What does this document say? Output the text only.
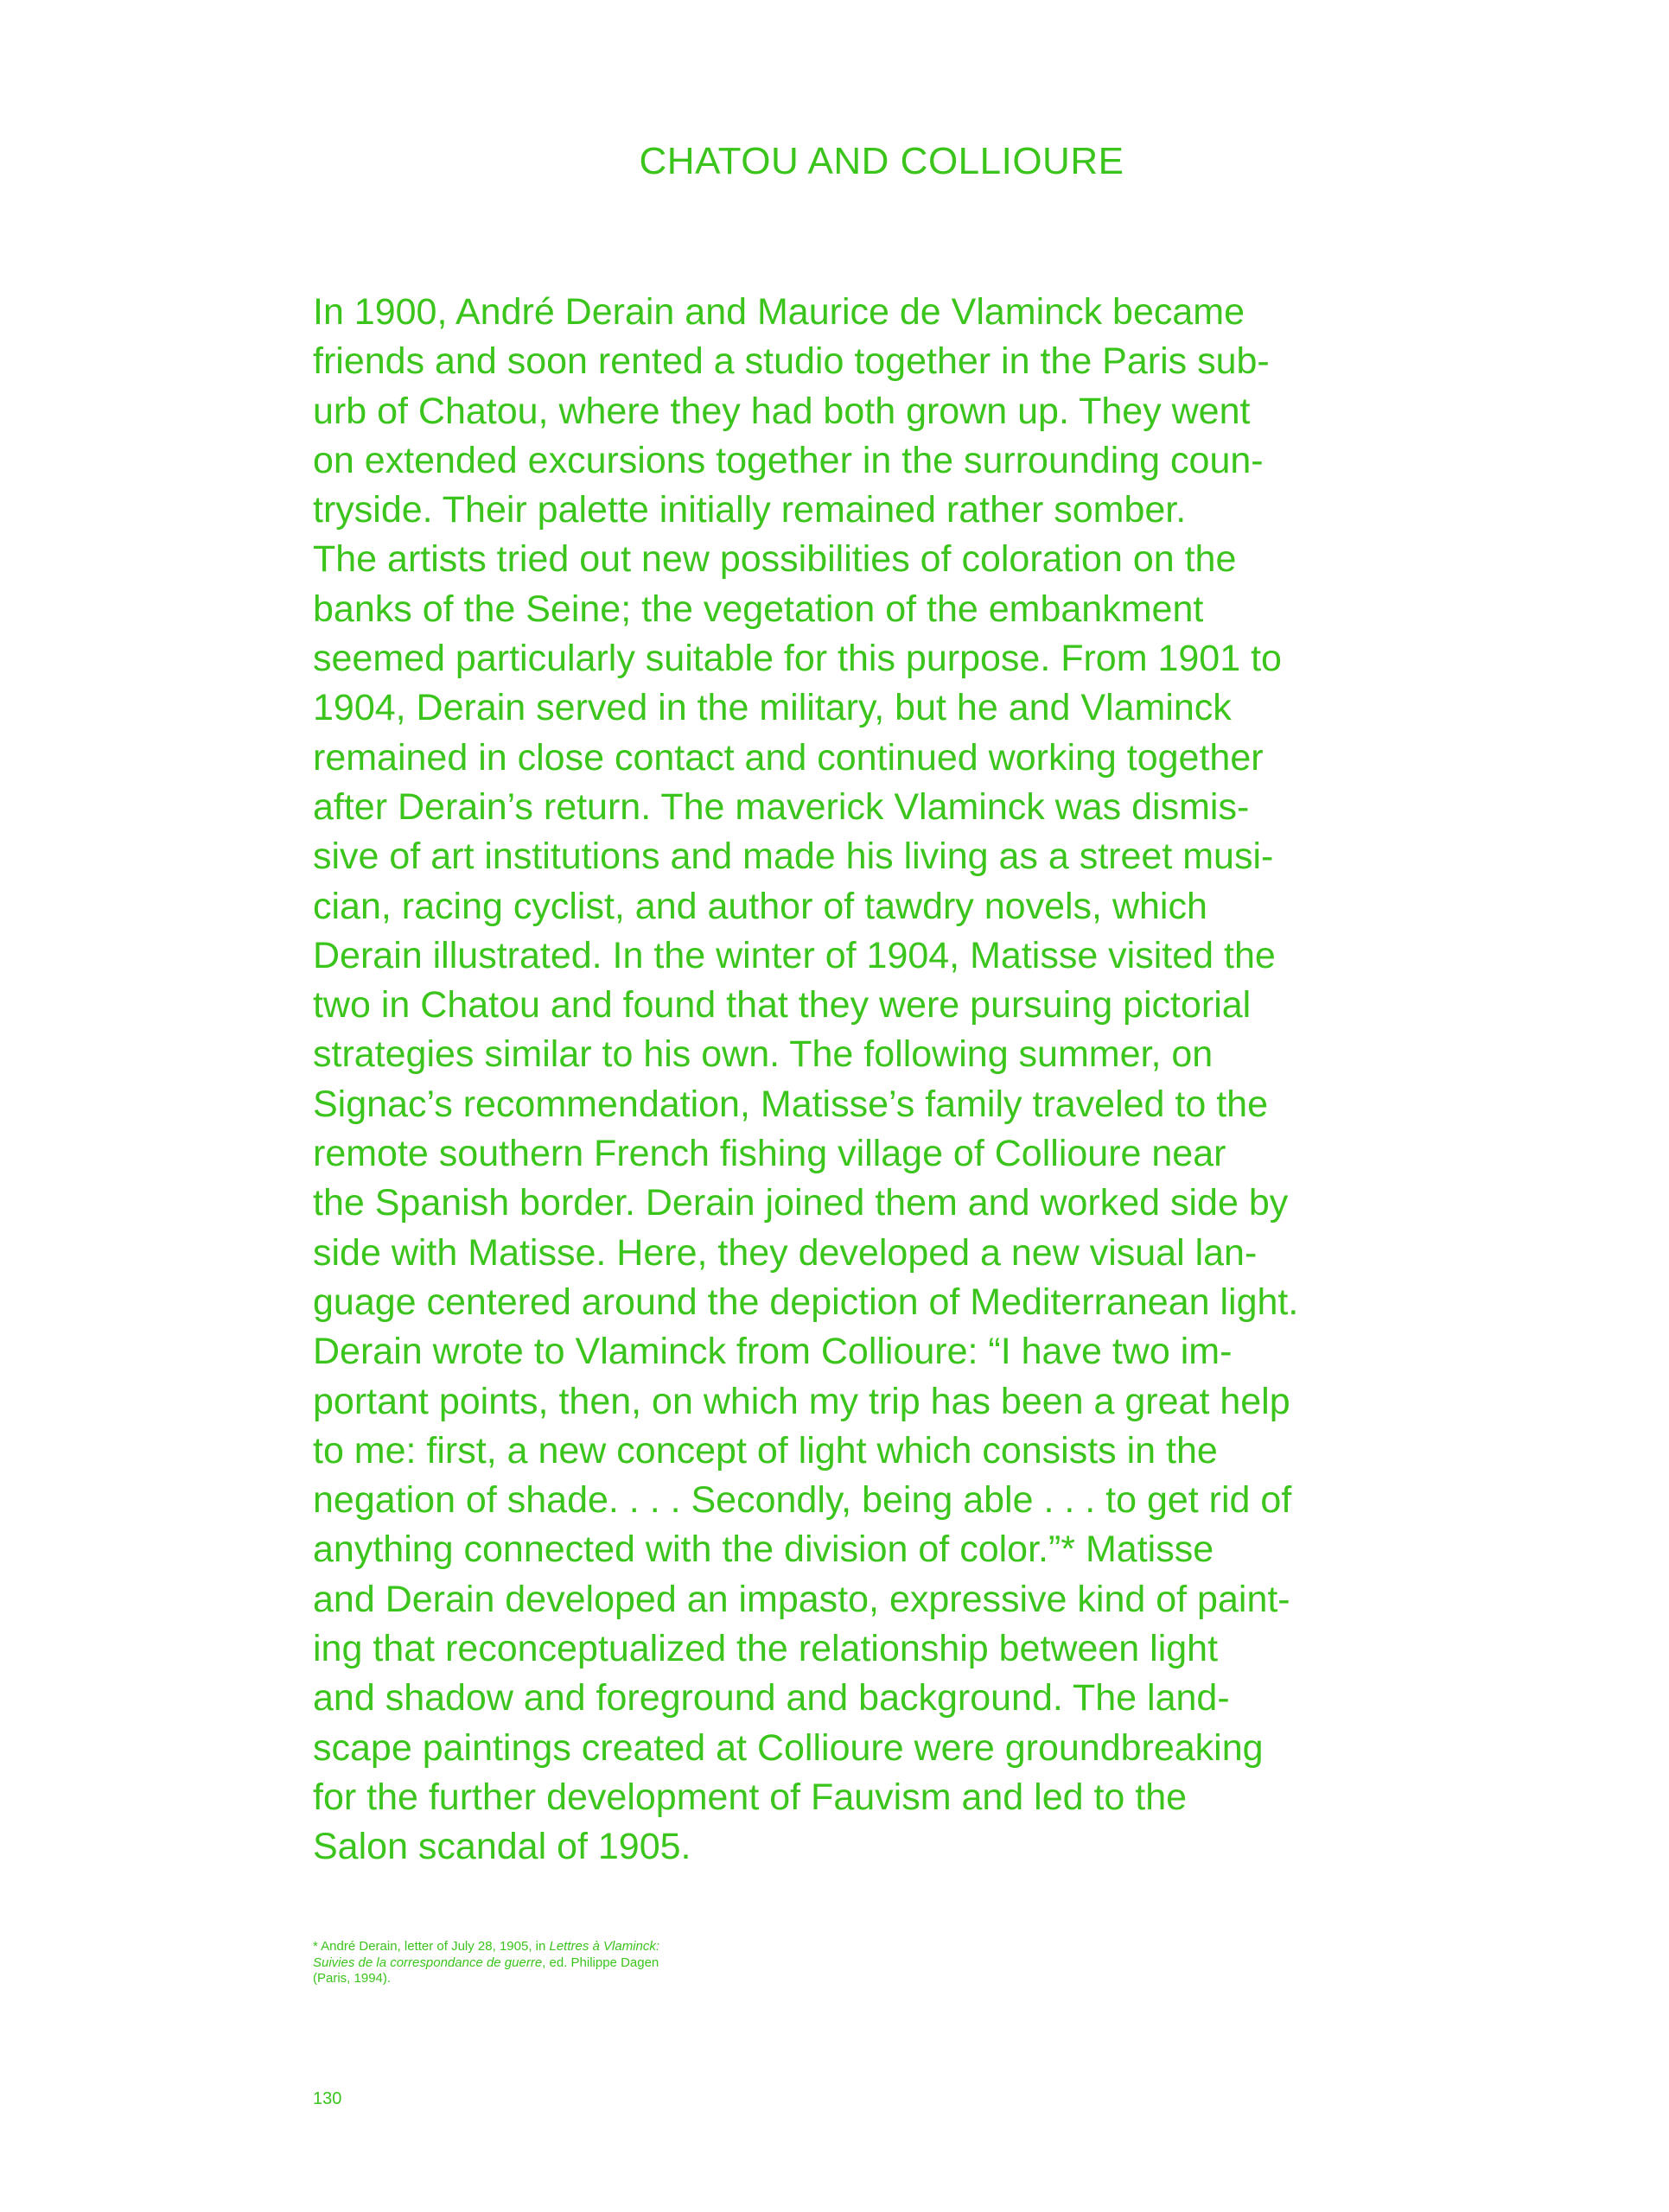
CHATOU AND COLLIOURE
In 1900, André Derain and Maurice de Vlaminck became
friends and soon rented a studio together in the Paris sub-
urb of Chatou, where they had both grown up. They went
on extended excursions together in the surrounding coun-
tryside. Their palette initially remained rather somber.
The artists tried out new possibilities of coloration on the
banks of the Seine; the vegetation of the embankment
seemed particularly suitable for this purpose. From 1901 to
1904, Derain served in the military, but he and Vlaminck
remained in close contact and continued working together
after Derain’s return. The maverick Vlaminck was dismis-
sive of art institutions and made his living as a street musi-
cian, racing cyclist, and author of tawdry novels, which
Derain illustrated. In the winter of 1904, Matisse visited the
two in Chatou and found that they were pursuing pictorial
strategies similar to his own. The following summer, on
Signac’s recommendation, Matisse’s family traveled to the
remote southern French fishing village of Collioure near
the Spanish border. Derain joined them and worked side by
side with Matisse. Here, they developed a new visual lan-
guage centered around the depiction of Mediterranean light.
Derain wrote to Vlaminck from Collioure: “I have two im-
portant points, then, on which my trip has been a great help
to me: first, a new concept of light which consists in the
negation of shade. . . . Secondly, being able . . . to get rid of
anything connected with the division of color.”* Matisse
and Derain developed an impasto, expressive kind of paint-
ing that reconceptualized the relationship between light
and shadow and foreground and background. The land-
scape paintings created at Collioure were groundbreaking
for the further development of Fauvism and led to the
Salon scandal of 1905.
* André Derain, letter of July 28, 1905, in Lettres à Vlaminck:
Suivies de la correspondance de guerre, ed. Philippe Dagen
(Paris, 1994).
130
